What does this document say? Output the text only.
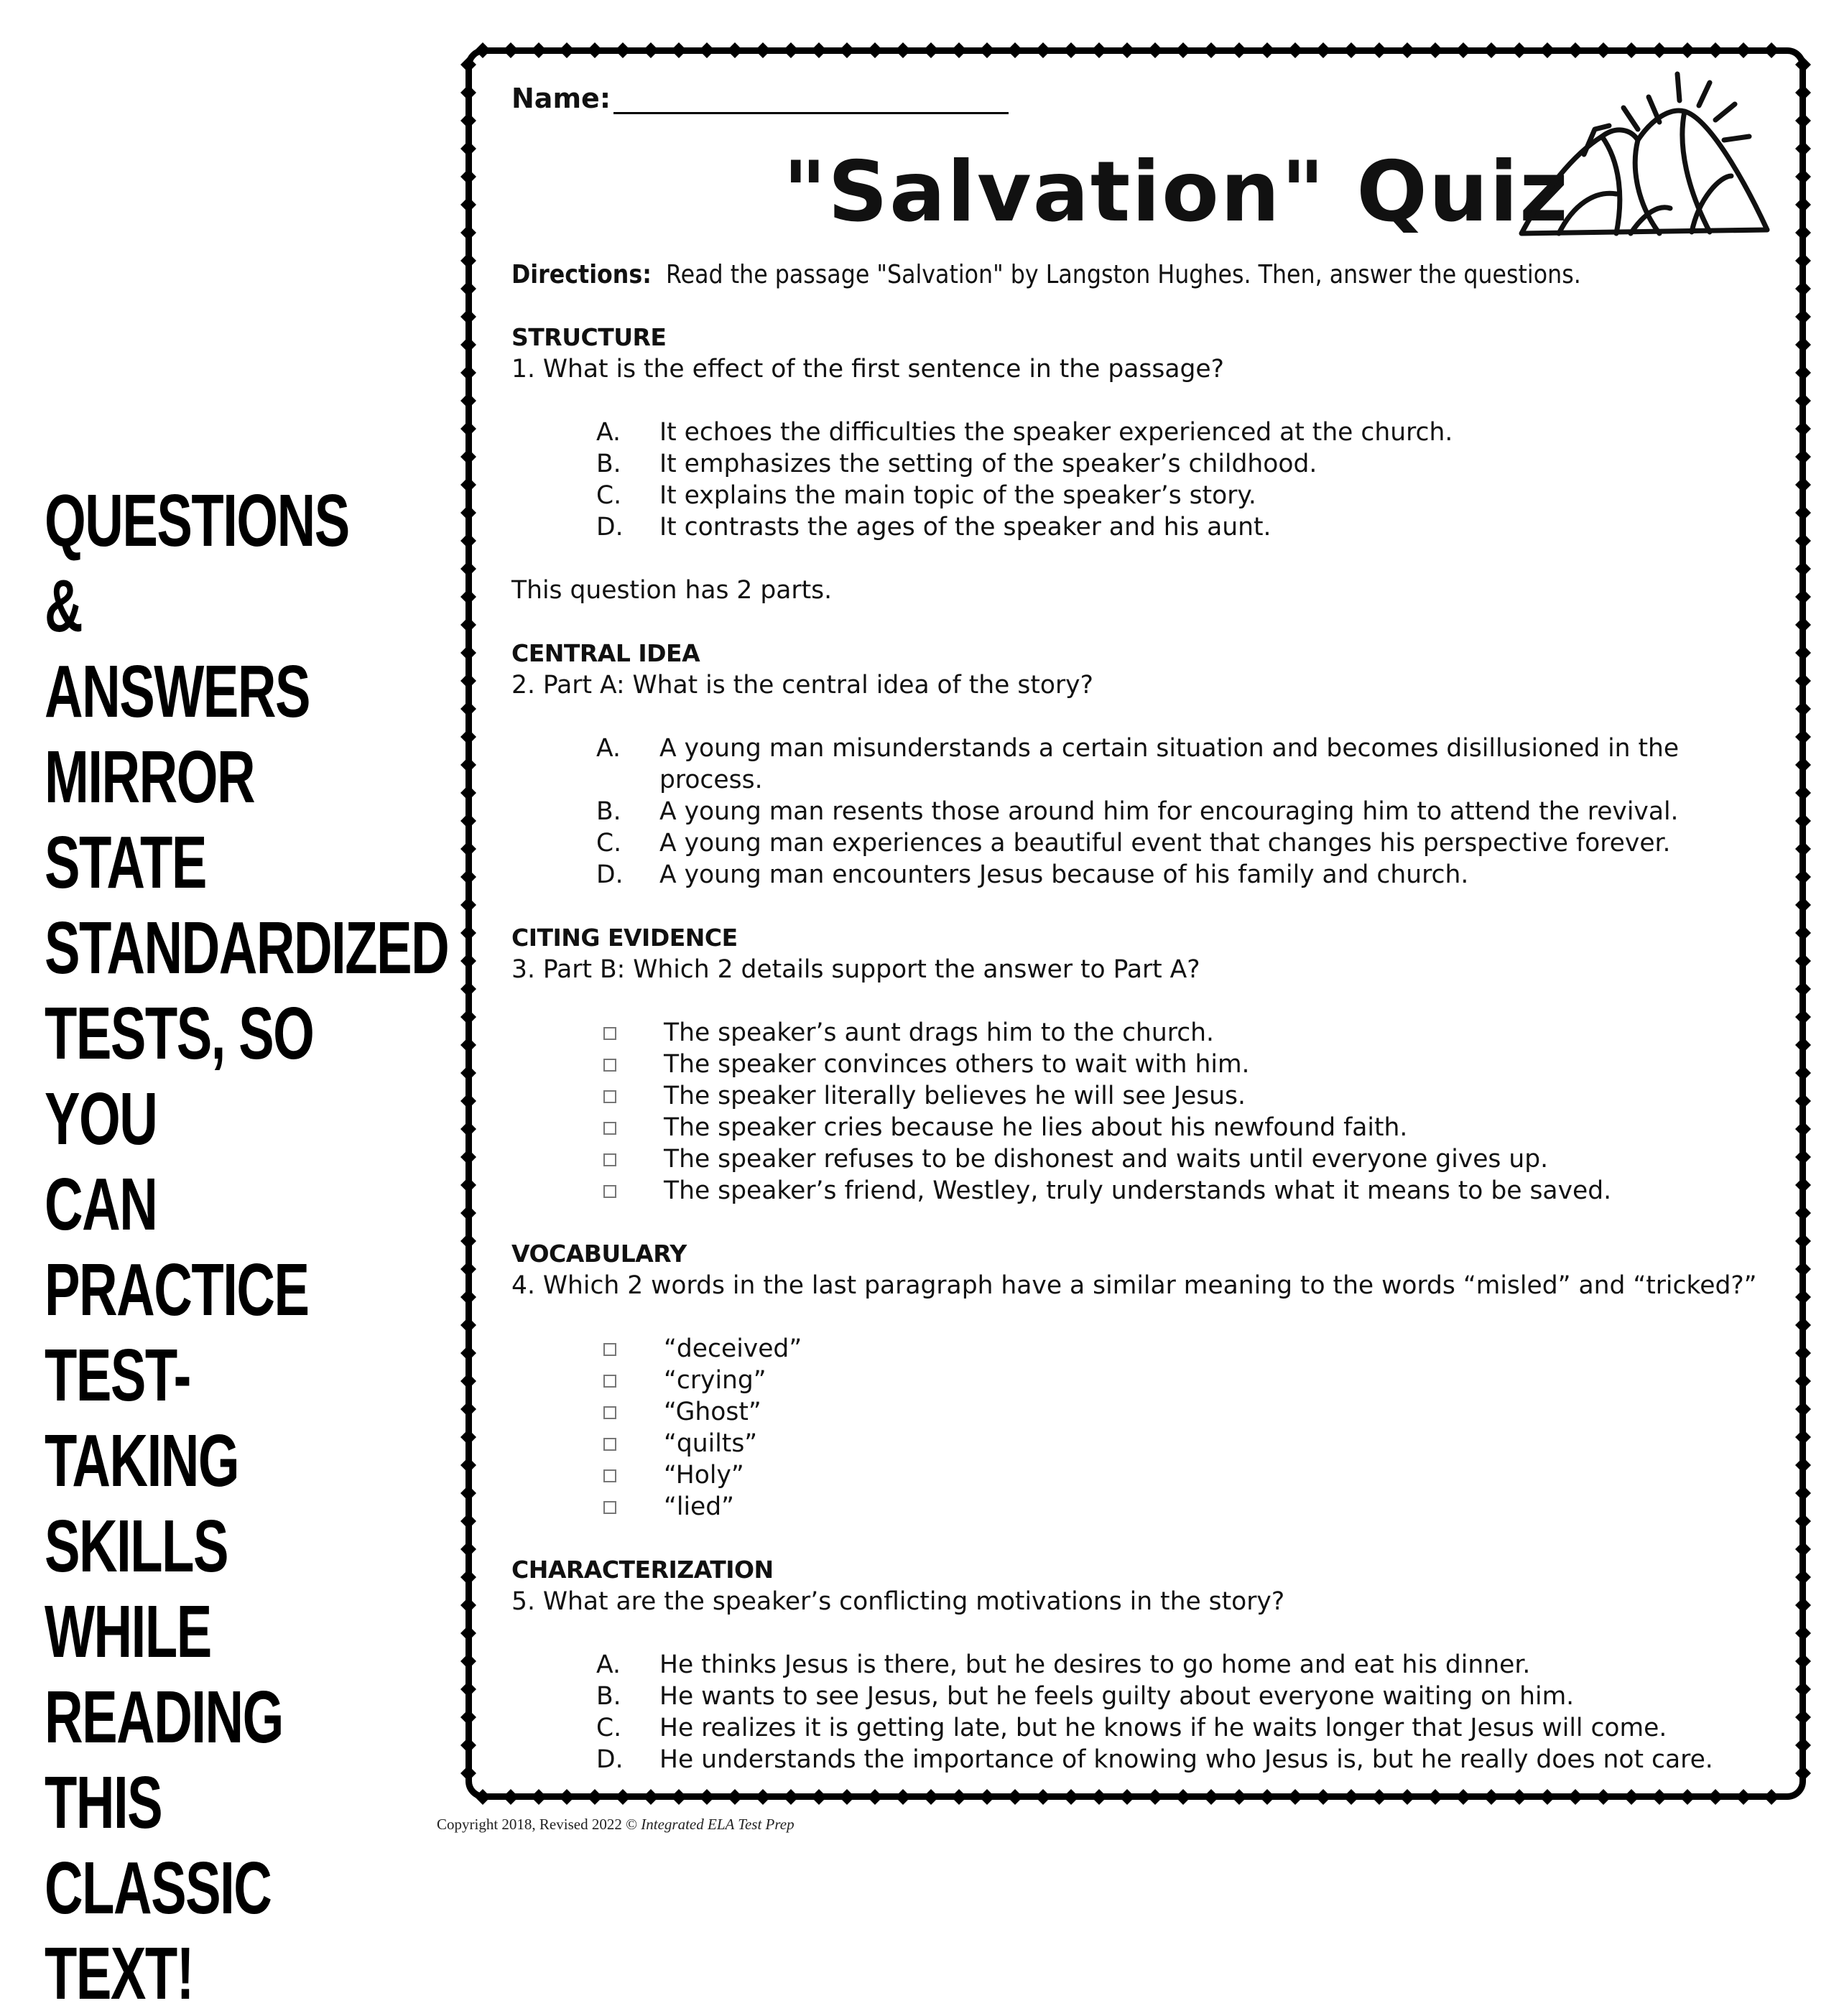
QUESTIONS &
ANSWERS
MIRROR STATE
STANDARDIZED
TESTS, SO YOU
CAN PRACTICE
TEST-TAKING
SKILLS WHILE
READING THIS
CLASSIC TEXT!
Name:
"Salvation" Quiz
Directions: Read the passage "Salvation" by Langston Hughes. Then, answer the questions.
STRUCTURE
1. What is the effect of the first sentence in the passage?
A.	It echoes the difficulties the speaker experienced at the church.
B.	It emphasizes the setting of the speaker’s childhood.
C.	It explains the main topic of the speaker’s story.
D.	It contrasts the ages of the speaker and his aunt.
This question has 2 parts.
CENTRAL IDEA
2. Part A: What is the central idea of the story?
A.	A young man misunderstands a certain situation and becomes disillusioned in the process.
B.	A young man resents those around him for encouraging him to attend the revival.
C.	A young man experiences a beautiful event that changes his perspective forever.
D.	A young man encounters Jesus because of his family and church.
CITING EVIDENCE
3. Part B: Which 2 details support the answer to Part A?
The speaker’s aunt drags him to the church.
The speaker convinces others to wait with him.
The speaker literally believes he will see Jesus.
The speaker cries because he lies about his newfound faith.
The speaker refuses to be dishonest and waits until everyone gives up.
The speaker’s friend, Westley, truly understands what it means to be saved.
VOCABULARY
4. Which 2 words in the last paragraph have a similar meaning to the words “misled” and “tricked?”
“deceived”
“crying”
“Ghost”
“quilts”
“Holy”
“lied”
CHARACTERIZATION
5. What are the speaker’s conflicting motivations in the story?
A.	He thinks Jesus is there, but he desires to go home and eat his dinner.
B.	He wants to see Jesus, but he feels guilty about everyone waiting on him.
C.	He realizes it is getting late, but he knows if he waits longer that Jesus will come.
D.	He understands the importance of knowing who Jesus is, but he really does not care.
Copyright 2018, Revised 2022 © Integrated ELA Test Prep
